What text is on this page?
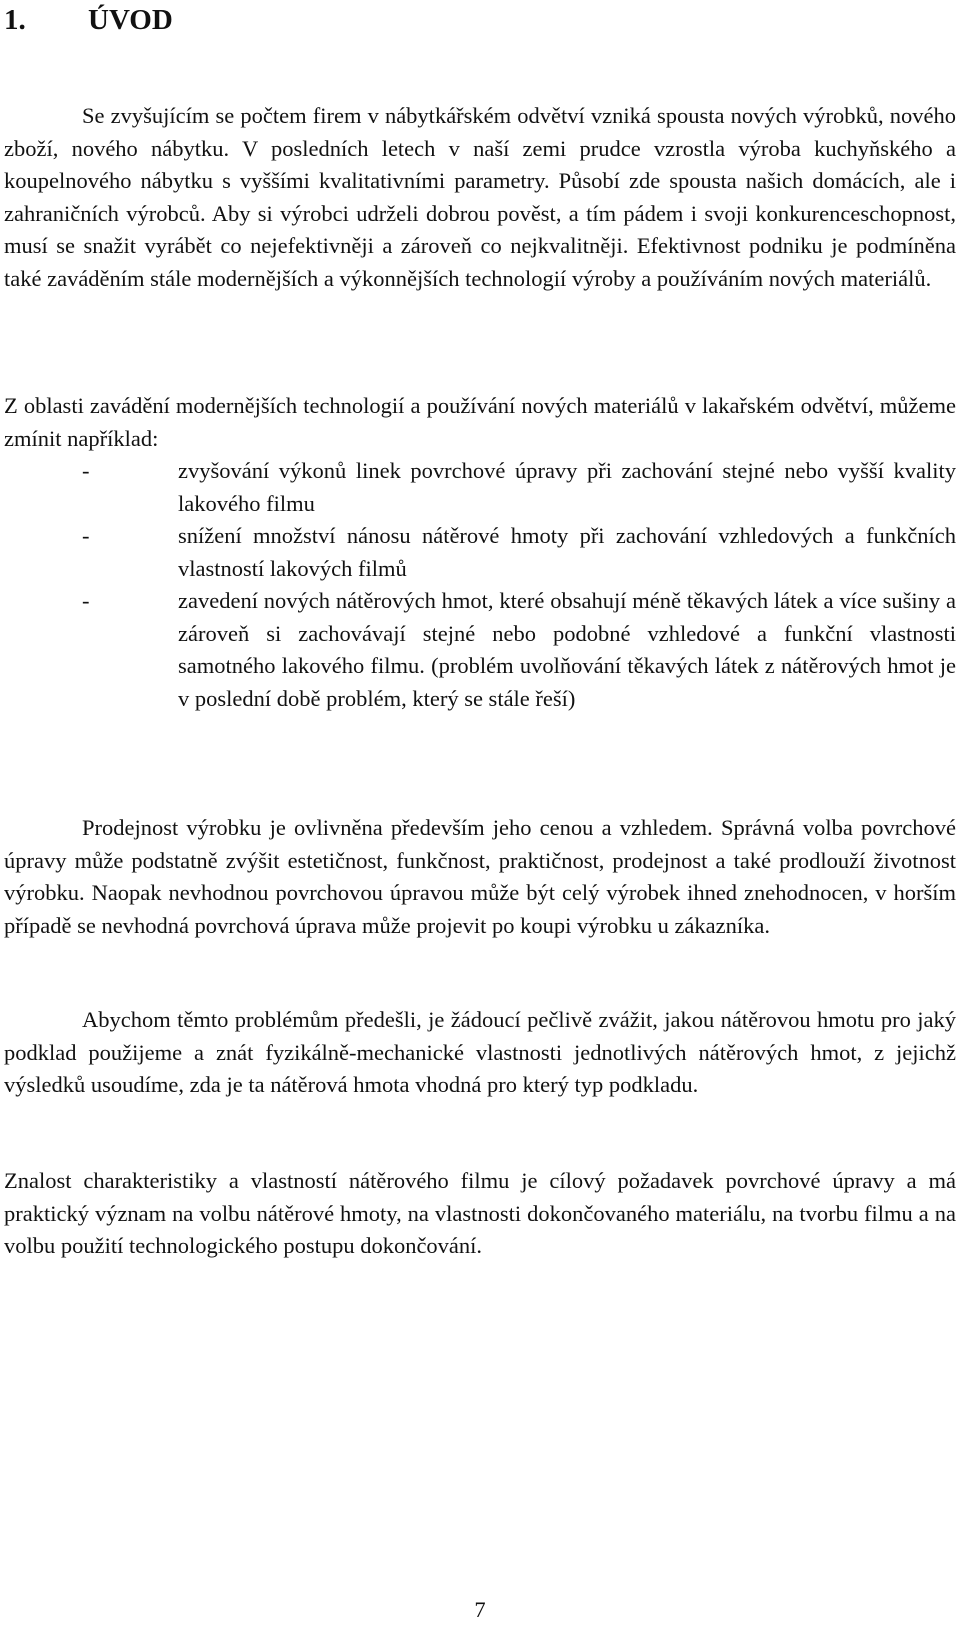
1. ÚVOD

Se zvyšujícím se počtem firem v nábytkářském odvětví vzniká spousta nových výrobků, nového zboží, nového nábytku. V posledních letech v naší zemi prudce vzrostla výroba kuchyňského a koupelnového nábytku s vyššími kvalitativními parametry. Působí zde spousta našich domácích, ale i zahraničních výrobců. Aby si výrobci udrželi dobrou pověst, a tím pádem i svoji konkurenceschopnost, musí se snažit vyrábět co nejefektivněji a zároveň co nejkvalitněji. Efektivnost podniku je podmíněna také zaváděním stále modernějších a výkonnějších technologií výroby a používáním nových materiálů.

Z oblasti zavádění modernějších technologií a používání nových materiálů v lakařském odvětví, můžeme zmínit například:

-	zvyšování výkonů linek povrchové úpravy při zachování stejné nebo vyšší kvality lakového filmu
-	snížení množství nánosu nátěrové hmoty při zachování vzhledových a funkčních vlastností lakových filmů
-	zavedení nových nátěrových hmot, které obsahují méně těkavých látek a více sušiny a zároveň si zachovávají stejné nebo podobné vzhledové a funkční vlastnosti samotného lakového filmu. (problém uvolňování těkavých látek z nátěrových hmot je v poslední době problém, který se stále řeší)

Prodejnost výrobku je ovlivněna především jeho cenou a vzhledem. Správná volba povrchové úpravy může podstatně zvýšit estetičnost, funkčnost, praktičnost, prodejnost a také prodlouží životnost výrobku. Naopak nevhodnou povrchovou úpravou může být celý výrobek ihned znehodnocen, v horším případě se nevhodná povrchová úprava může projevit po koupi výrobku u zákazníka.

Abychom těmto problémům předešli, je žádoucí pečlivě zvážit, jakou nátěrovou hmotu pro jaký podklad použijeme a znát fyzikálně-mechanické vlastnosti jednotlivých nátěrových hmot, z jejichž výsledků usoudíme, zda je ta nátěrová hmota vhodná pro který typ podkladu.

Znalost charakteristiky a vlastností nátěrového filmu je cílový požadavek povrchové úpravy a má praktický význam na volbu nátěrové hmoty, na vlastnosti dokončovaného materiálu, na tvorbu filmu a na volbu použití technologického postupu dokončování.

7
